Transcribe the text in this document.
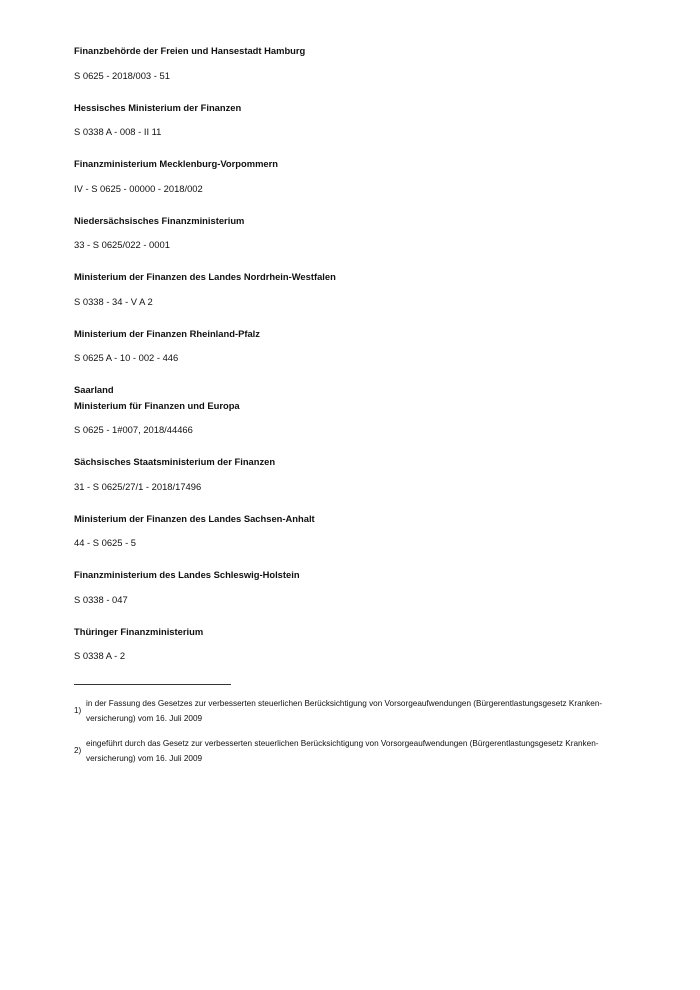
Finanzbehörde der Freien und Hansestadt Hamburg
S 0625 - 2018/003 - 51
Hessisches Ministerium der Finanzen
S 0338 A - 008 - II 11
Finanzministerium Mecklenburg-Vorpommern
IV - S 0625 - 00000 - 2018/002
Niedersächsisches Finanzministerium
33 - S 0625/022 - 0001
Ministerium der Finanzen des Landes Nordrhein-Westfalen
S 0338 - 34 - V A 2
Ministerium der Finanzen Rheinland-Pfalz
S 0625 A - 10 - 002 - 446
Saarland
Ministerium für Finanzen und Europa
S 0625 - 1#007, 2018/44466
Sächsisches Staatsministerium der Finanzen
31 - S 0625/27/1 - 2018/17496
Ministerium der Finanzen des Landes Sachsen-Anhalt
44 - S 0625 - 5
Finanzministerium des Landes Schleswig-Holstein
S 0338 - 047
Thüringer Finanzministerium
S 0338 A - 2
1)
in der Fassung des Gesetzes zur verbesserten steuerlichen Berücksichtigung von Vorsorgeaufwendungen (Bürgerentlastungsgesetz Kranken-versicherung) vom 16. Juli 2009
2)
eingeführt durch das Gesetz zur verbesserten steuerlichen Berücksichtigung von Vorsorgeaufwendungen (Bürgerentlastungsgesetz Kranken-versicherung) vom 16. Juli 2009
